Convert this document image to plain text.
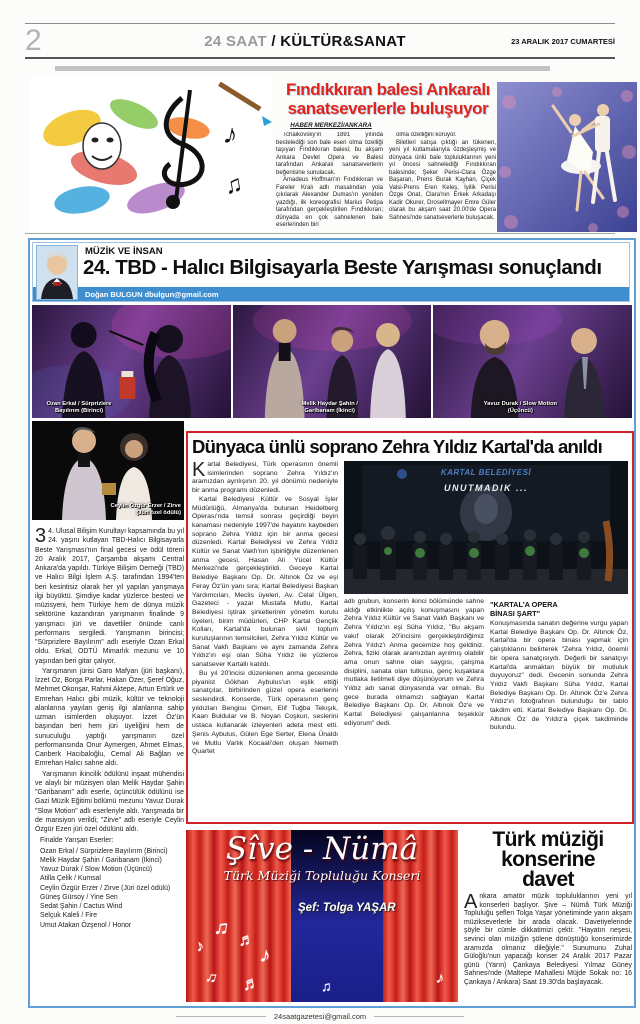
2	24 SAAT / KÜLTÜR&SANAT	23 ARALIK 2017 CUMARTESİ
♪
♫
Fındıkkıran balesi Ankaralı
sanatseverlerle buluşuyor
HABER MERKEZİ/ANKARA

Tchaikovsky'ın 1891 yılında bestelediği son bale eseri olma özelliği taşıyan Fındıkkıran balesi; bu akşam Ankara Devlet Opera ve Balesi tarafından Ankaralı sanatseverlerin beğenisine sunulacak.

Amadeus Hoffman'ın Fındıkkıran ve Fareler Kralı adlı masalından yola çıkılarak Alexander Dumas'ın yeniden yazdığı, ilk koreografisi Marius Petipa tarafından gerçekleştirilen Fındıkkıran; dünyada en çok sahnelenen bale eserlerinden biri

olma özelliğini koruyor.

Biletleri satışa çıktığı an tükenen, yeni yıl kutlamalarıyla özdeşleşmiş ve dünyaca ünlü bale topluluklarının yeni yıl öncesi sahnelediği Fındıkkıran balesinde; Şeker Perisi-Clara Özge Başaran, Prens Burak Kayhan, Çiçek Valsi-Prens Eren Keleş, İyilik Perisi Özge Onat, Clara'nın Erkek Arkadaşı Kadir Okurer, Drosellmayer Emre Güler olarak bu akşam saat 20.00'de Opera Sahnesi'nde sanatseverlerle buluşacak.

MÜZİK VE İNSAN
24. TBD - Halıcı Bilgisayarla Beste Yarışması sonuçlandı
Doğan BULGUN dbulgun@gmail.com
Ozan Erkal / Sürprizlere Bayılırım (Birinci)
Melik Haydar Şahin / Garibanam (İkinci)
Yavuz Durak / Slow Motion (Üçüncü)
Ceylin Özgür Erzer / Zirve (Jüri özel ödülü)

3 4. Ulusal Bilişim Kurultayı kapsamında bu yıl 24. yaşını kutlayan TBD-Halıcı Bilgisayarla Beste Yarışması'nın final gecesi ve ödül töreni 20 Aralık 2017, Çarşamba akşamı Central Ankara'da yapıldı. Türkiye Bilişim Derneği (TBD) ve Halıcı Bilgi İşlem A.Ş. tarafından 1994'ten beri kesintisiz olarak her yıl yapılan yarışmaya ilgi büyüktü. Şimdiye kadar yüzlerce besteci ve müzisyeni, hem Türkiye hem de dünya müzik sektörüne kazandıran yarışmanın finalinde 9 yarışmacı jüri ve davetliler önünde canlı performans sergiledi. Yarışmanın birincisi; "Sürprizlere Bayılırım" adlı eseriyle Ozan Erkal oldu. Erkal, ODTÜ Mimarlık mezunu ve 10 yaşından beri gitar çalıyor.

Yarışmanın jürisi Garo Mafyan (jüri başkanı), İzzet Öz, Borga Parlar, Hakan Özer, Şeref Oğuz, Mehmet Okonşar, Rahmi Aktepe, Artun Ertürk ve Emrehan Halıcı gibi müzik, kültür ve teknoloji alanlarına yayılan geniş ilgi alanlarına sahip uzman isimlerden oluşuyor. İzzet Öz'ün başından beri hem jüri üyeliğini hem de sunuculuğu yaptığı yarışmanın özel performansında Onur Aymergen, Ahmet Elmas, Canberk Hacıbaloğlu, Cemal Ali Bağlan ve Emrehan Halıcı sahne aldı.

Yarışmanın ikincilik ödülünü inşaat mühendisi ve alaylı bir müzisyen olan Melik Haydar Şahin "Garibanam" adlı eserle, üçüncülük ödülünü ise Gazi Müzik Eğitimi bölümü mezunu Yavuz Durak "Slow Motion" adlı eserleriyle aldı. Yarışmada bir de mansiyon verildi; "Zirve" adlı eseriyle Ceylin Özgür Ezen jüri özel ödülünü aldı.

Finalde Yarışan Eserler:

Ozan Erkal / Sürprizlere Bayılırım (Birinci)
Melik Haydar Şahin / Garibanam (İkinci)
Yavuz Durak / Slow Motion (Üçüncü)
Atilla Çelik / Kumsal
Ceylin Özgür Erzer / Zirve (Jüri özel ödülü)
Güneş Gürsoy / Yine Sen
Sedat Şahin / Cactus Wind
Selçuk Kaleli / Fire
Umut Atakan Özşenol / Honor
Dünyaca ünlü soprano Zehra Yıldız Kartal'da anıldı

Kartal Belediyesi, Türk operasının önemli isimlerinden soprano Zehra Yıldız'ın aramızdan ayrılışının 20. yıl dönümü nedeniyle bir anma programı düzenledi.

Kartal Belediyesi Kültür ve Sosyal İşler Müdürlüğü, Almanya'da bulunan Heidelberg Operası'nda temsil sonrası geçirdiği beyin kanaması nedeniyle 1997'de hayatını kaybeden soprano Zehra Yıldız için bir anma gecesi düzenledi. Kartal Belediyesi ve Zehra Yıldız Kültür ve Sanat Vakfı'nın işbirliğiyle düzenlenen anma gecesi, Hasan Ali Yücel Kültür Merkezi'nde gerçekleştirildi. Geceye Kartal Belediye Başkanı Op. Dr. Altınok Öz ve eşi Feray Öz'ün yanı sıra; Kartal Belediyesi Başkan Yardımcıları, Meclis üyeleri, Av. Celal Ülgen, Gazeteci - yazar Mustafa Mutlu, Kartal Belediyesi iştirak şirketlerinin yönetim kurulu üyeleri, birim müdürleri, CHP Kartal Gençlik Kolları, Kartal'da bulunan sivil toplum kuruluşlarının temsilcileri, Zehra Yıldız Kültür ve Sanat Vakfı Başkanı ve aynı zamanda Zehra Yıldız'ın eşi olan Süha Yıldız ile yüzlerce sanatsever Kartallı katıldı.

Bu yıl 20'incisi düzenlenen anma gecesinde piyanist Gökhan Aybulus'un eşlik ettiği sanatçılar, birbirinden güzel opera eserlerini seslendirdi. Konserde, Türk operasının genç yıldızları Bengisu Çimen, Elif Tuğba Tekışık, Kaan Buldular ve B. Noyan Coşkun, seslerini ustaca kullanarak izleyenleri adeta mest etti. Şenis Aybulus, Gülen Ege Serter, Elena Ünaldı ve Mutlu Varlık Kocaali'den oluşan Nemeth Quartet

KARTAL BELEDİYESİ
UNUTMADIK ...

adlı grubun, konserin ikinci bölümünde sahne aldığı etkinlikte açılış konuşmasını yapan Zehra Yıldız Kültür ve Sanat Vakfı Başkanı ve Zehra Yıldız'ın eşi Süha Yıldız, "Bu akşam vakıf olarak 20'incisini gerçekleştirdiğimiz Zehra Yıldız'ı Anma gecemize hoş geldiniz. Zehra, fiziki olarak aramızdan ayrılmış olabilir ama onun sahne olan saygısı, çalışma disiplini, sanata olan tutkusu, genç kuşaklara mutlaka iletilmeli diye düşünüyorum ve Zehra Yıldız adı sanat dünyasında var olmalı. Bu gece burada olmamızı sağlayan Kartal Belediye Başkanı Op. Dr. Altınok Öz'e ve Kartal Belediyesi çalışanlarına teşekkür ediyorum" dedi.

"KARTAL'A OPERA
BİNASI ŞART"

Konuşmasında sanatın değerine vurgu yapan Kartal Belediye Başkanı Op. Dr. Altınok Öz, Kartal'da bir opera binası yapmak için çalıştıklarını belirterek "Zehra Yıldız, önemli bir opera sanatçısıydı. Değerli bir sanatçıyı Kartal'da anmaktan büyük bir mutluluk duyuyoruz" dedi. Gecenin sonunda Zehra Yıldız Vakfı Başkanı Süha Yıldız, Kartal Belediye Başkanı Op. Dr. Altınok Öz'e Zehra Yıldız'ın fotoğrafının bulunduğu bir tablo takdim etti. Kartal Belediye Başkanı Op. Dr. Altınok Öz de Yıldız'a çiçek takdiminde bulundu.

Şîve - Nümâ
Türk Müziği Topluluğu Konseri
Şef: Tolga YAŞAR
♪
♫ ♬
♪
♫ ♬	♫	♪
Türk müziği
konserine
davet
Ankara amatör müzik topluluklarının yeni yıl konserleri başlıyor. Şive – Nümâ Türk Müziği Topluluğu şefleri Tolga Yaşar yönetiminde yarın akşam müzikseverlerle bir arada olacak. Davetiyelerinde şöyle bir cümle dikkatimizi çekti: "Hayatın neşesi, sevinci olan müziğin şölene dönüştüğü konserimizde aramızda olmanız dileğiyle." Sunumunu Zuhal Güloğlu'nun yapacağı konser 24 Aralık 2017 Pazar günü (Yarın) Çankaya Belediyesi Yılmaz Güney Sahnesi'nde (Maltepe Mahallesi Müjde Sokak no: 16 Çankaya / Ankara) Saat 19.30'da başlayacak.
24saatgazetesi@gmail.com
